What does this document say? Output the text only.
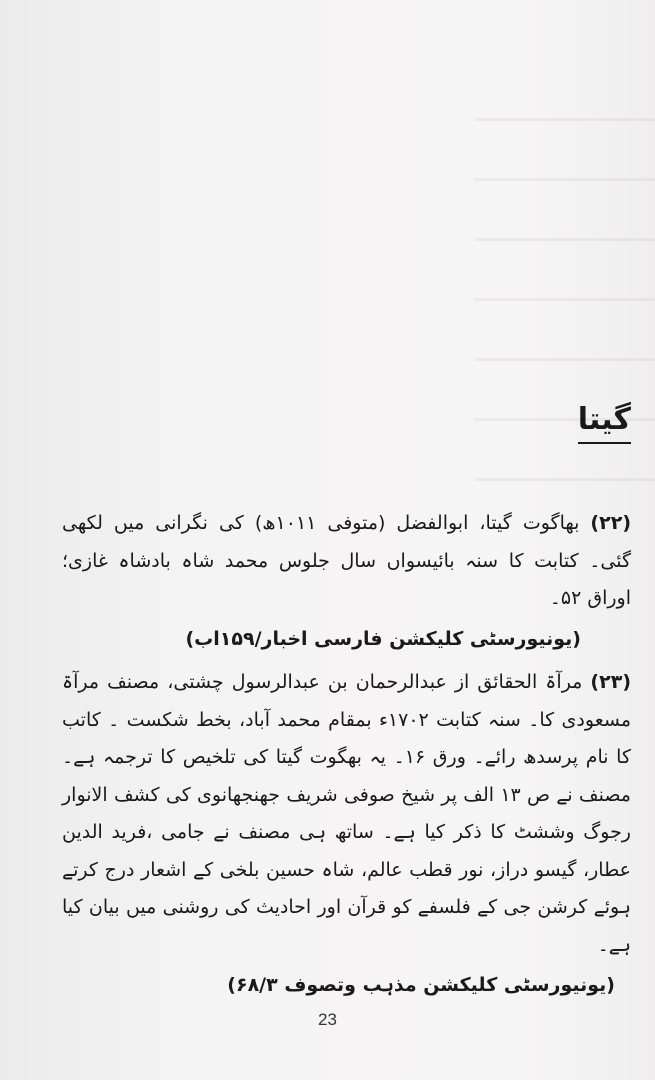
گیتا

(۲۲) بھاگوت گیتا، ابوالفضل (متوفی ۱۰۱۱ھ) کی نگرانی میں لکھی گئی۔ کتابت کا سنہ بائیسواں سال جلوس محمد شاہ بادشاہ غازی؛ اوراق ۵۲۔

(یونیورسٹی کلیکشن فارسی اخبار/۱۵۹اب)

(۲۳) مرآۃ الحقائق از عبدالرحمان بن عبدالرسول چشتی، مصنف مرآۃ مسعودی کا۔ سنہ کتابت ۱۷۰۲ء بمقام محمد آباد، بخط شکست ۔ کاتب کا نام پرسدھ رائے۔ ورق ۱۶۔ یہ بھگوت گیتا کی تلخیص کا ترجمہ ہے۔ مصنف نے ص ۱۳ الف پر شیخ صوفی شریف جھنجھانوی کی کشف الانوار رجوگ وششٹ کا ذکر کیا ہے۔ ساتھ ہی مصنف نے جامی ،فرید الدین عطار، گیسو دراز، نور قطب عالم، شاہ حسین بلخی کے اشعار درج کرتے ہوئے کرشن جی کے فلسفے کو قرآن اور احادیث کی روشنی میں بیان کیا ہے۔

(یونیورسٹی کلیکشن مذہب وتصوف ۶۸/۳)

23
